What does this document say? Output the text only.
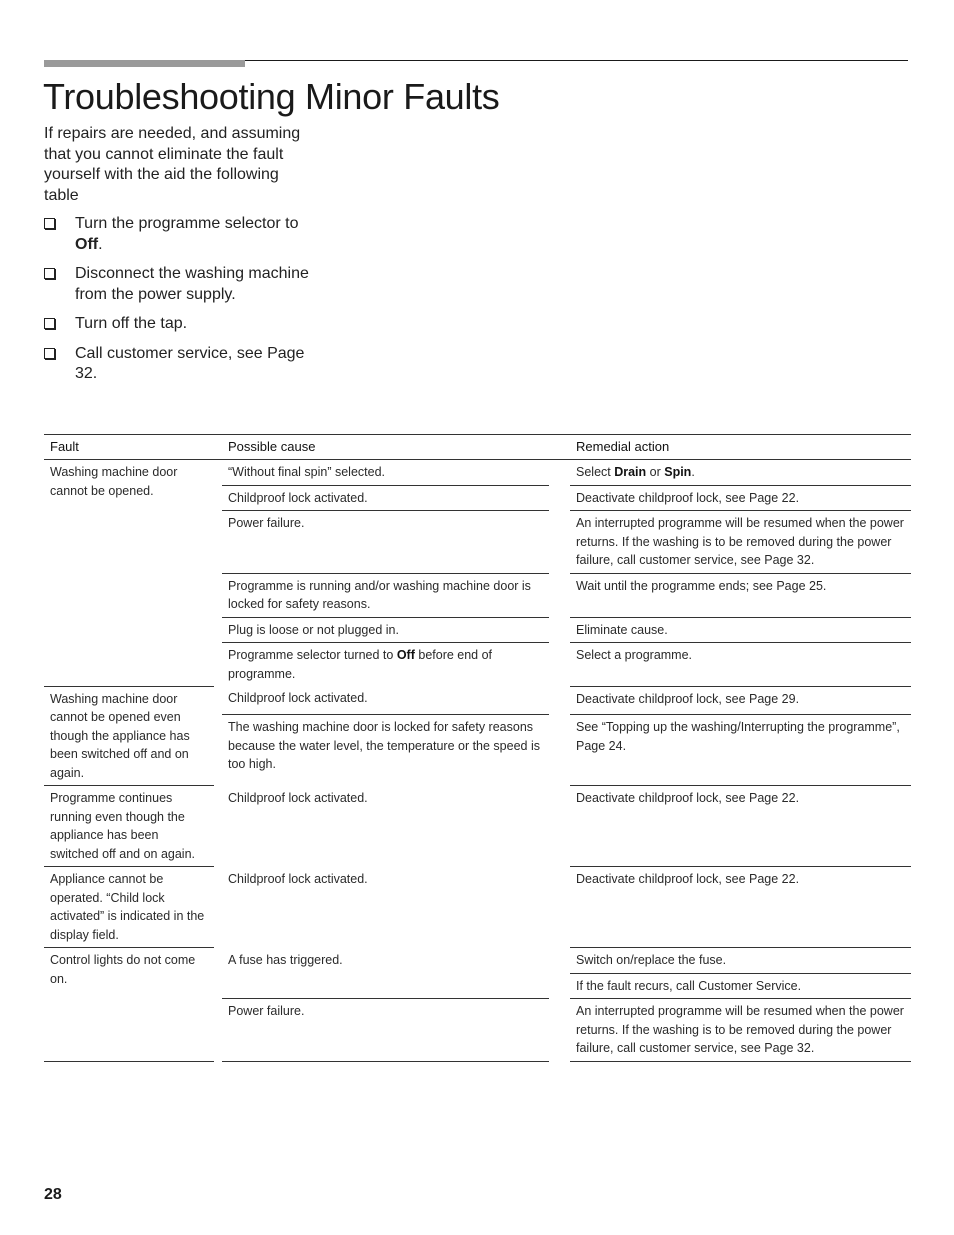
Troubleshooting Minor Faults

If repairs are needed, and assuming that you cannot eliminate the fault yourself with the aid the following table

Turn the programme selector to Off.
Disconnect the washing machine from the power supply.
Turn off the tap.
Call customer service, see Page 32.
Fault		Possible cause		Remedial action
Washing machine door cannot be opened.		“Without final spin” selected.		Select Drain or Spin.
		Childproof lock activated.		Deactivate childproof lock, see Page 22.
		Power failure.		An interrupted programme will be resumed when the power returns. If the washing is to be removed during the power failure, call customer service, see Page 32.
		Programme is running and/or washing machine door is locked for safety reasons.		Wait until the programme ends; see Page 25.
		Plug is loose or not plugged in.		Eliminate cause.
		Programme selector turned to Off before end of programme.		Select a programme.
Washing machine door cannot be opened even though the appliance has been switched off and on again.		Childproof lock activated.		Deactivate childproof lock, see Page 29.
		The washing machine door is locked for safety reasons because the water level, the temperature or the speed is too high.		See “Topping up the washing/Interrupting the programme”, Page 24.
Programme continues running even though the appliance has been switched off and on again.		Childproof lock activated.		Deactivate childproof lock, see Page 22.
Appliance cannot be operated. “Child lock activated” is indicated in the display field.		Childproof lock activated.		Deactivate childproof lock, see Page 22.
Control lights do not come on.		A fuse has triggered.		Switch on/replace the fuse.
				If the fault recurs, call Customer Service.
		Power failure.		An interrupted programme will be resumed when the power returns. If the washing is to be removed during the power failure, call customer service, see Page 32.
28
